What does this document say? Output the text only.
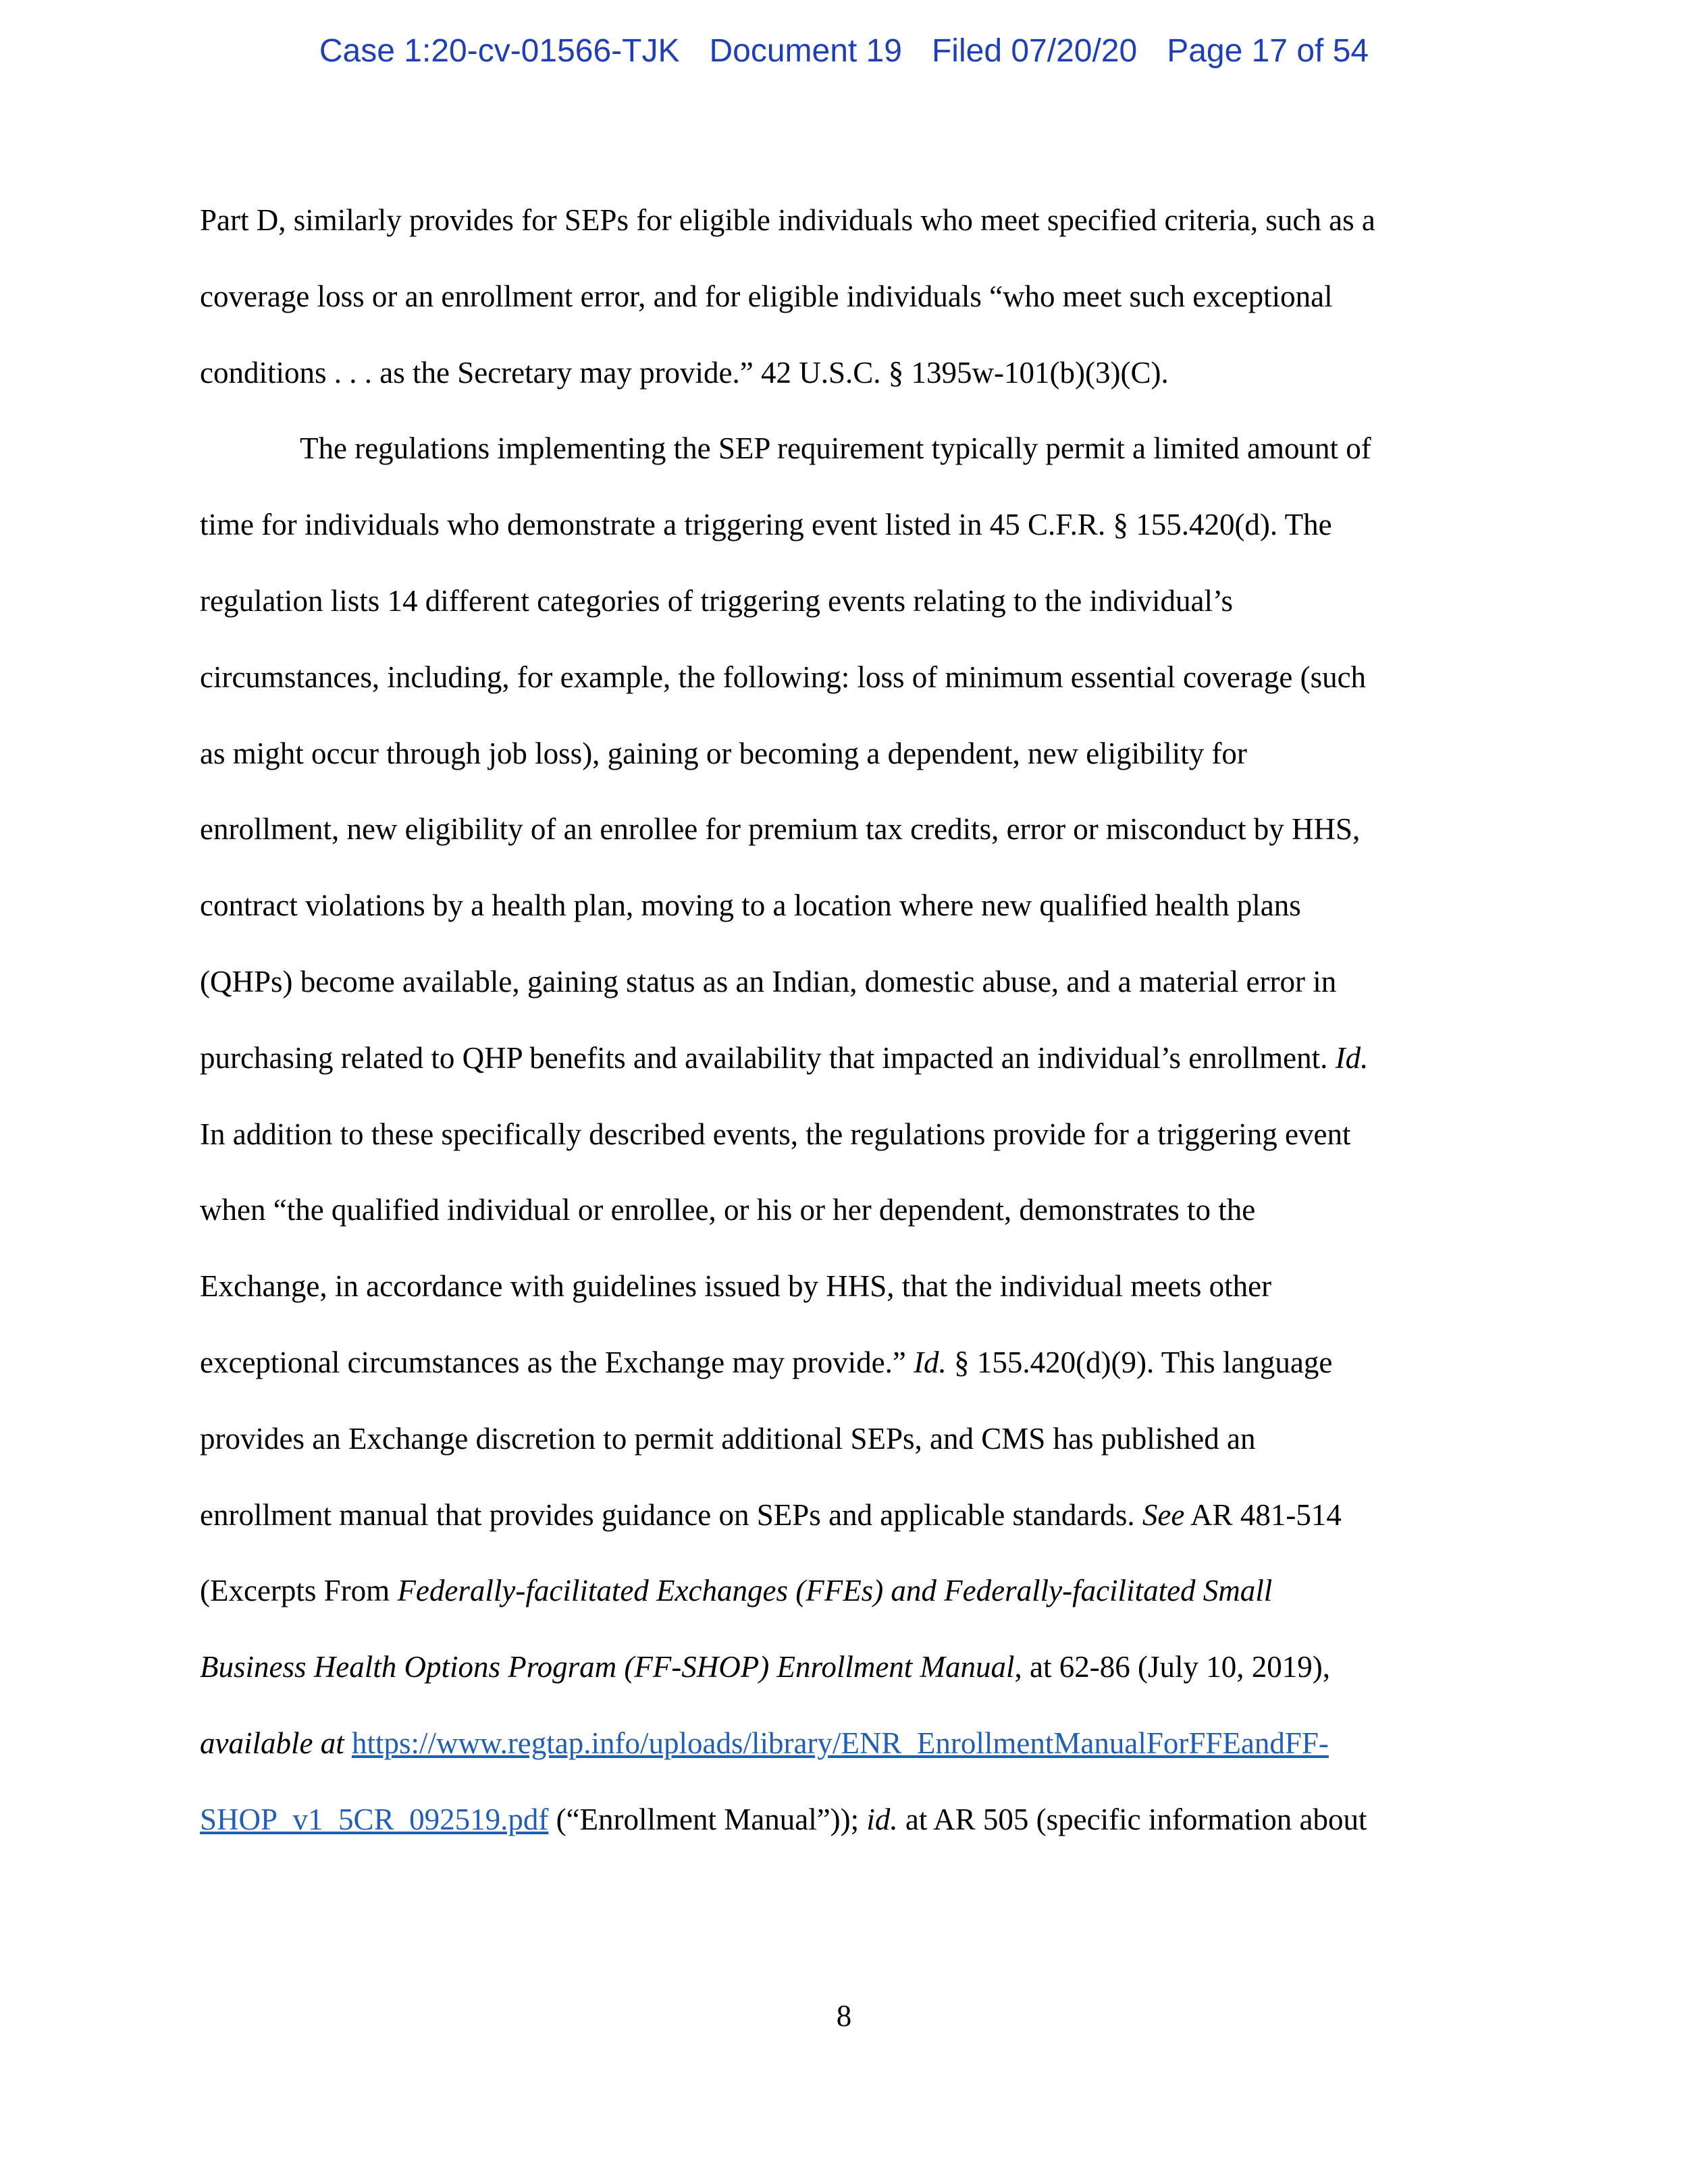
Case 1:20-cv-01566-TJK Document 19 Filed 07/20/20 Page 17 of 54
Part D, similarly provides for SEPs for eligible individuals who meet specified criteria, such as a
coverage loss or an enrollment error, and for eligible individuals “who meet such exceptional
conditions . . . as the Secretary may provide.” 42 U.S.C. § 1395w-101(b)(3)(C).
The regulations implementing the SEP requirement typically permit a limited amount of
time for individuals who demonstrate a triggering event listed in 45 C.F.R. § 155.420(d). The
regulation lists 14 different categories of triggering events relating to the individual’s
circumstances, including, for example, the following: loss of minimum essential coverage (such
as might occur through job loss), gaining or becoming a dependent, new eligibility for
enrollment, new eligibility of an enrollee for premium tax credits, error or misconduct by HHS,
contract violations by a health plan, moving to a location where new qualified health plans
(QHPs) become available, gaining status as an Indian, domestic abuse, and a material error in
purchasing related to QHP benefits and availability that impacted an individual’s enrollment. Id.
In addition to these specifically described events, the regulations provide for a triggering event
when “the qualified individual or enrollee, or his or her dependent, demonstrates to the
Exchange, in accordance with guidelines issued by HHS, that the individual meets other
exceptional circumstances as the Exchange may provide.” Id. § 155.420(d)(9). This language
provides an Exchange discretion to permit additional SEPs, and CMS has published an
enrollment manual that provides guidance on SEPs and applicable standards. See AR 481-514
(Excerpts From Federally-facilitated Exchanges (FFEs) and Federally-facilitated Small
Business Health Options Program (FF-SHOP) Enrollment Manual, at 62-86 (July 10, 2019),
available at https://www.regtap.info/uploads/library/ENR_EnrollmentManualForFFEandFF-
SHOP_v1_5CR_092519.pdf (“Enrollment Manual”)); id. at AR 505 (specific information about
8
